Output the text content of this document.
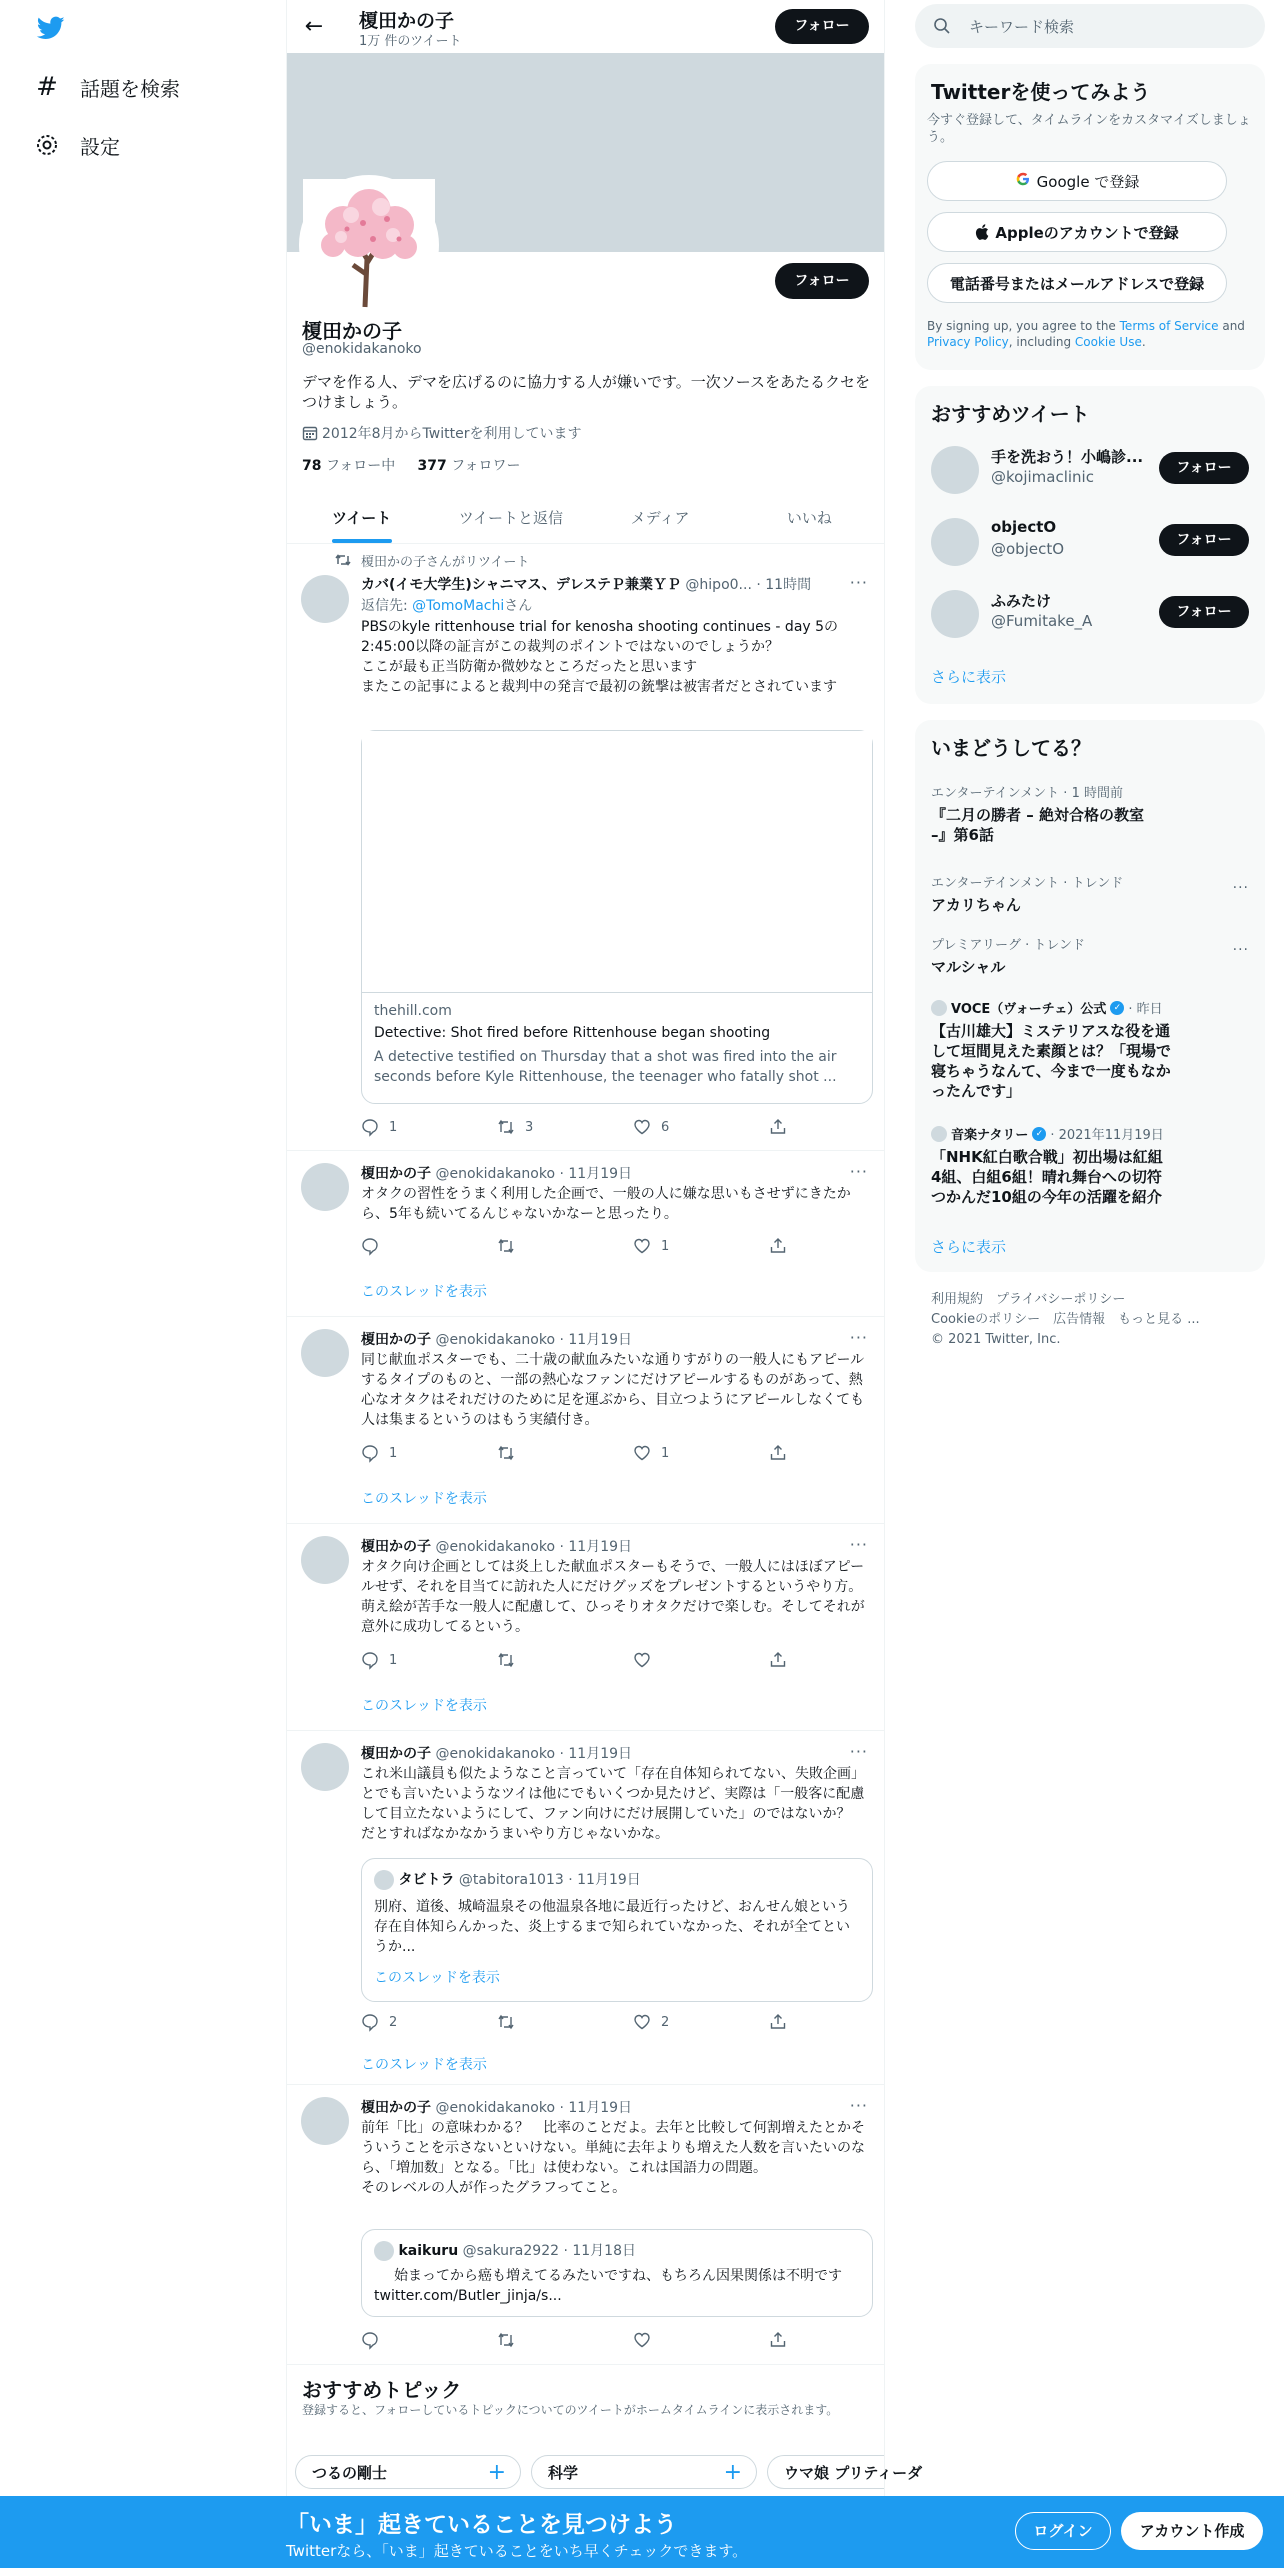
# 話題を検索
設定
← 榎田かの子
1万 件のツイート
フォロー
フォロー
榎田かの子
@enokidakanoko
デマを作る人、デマを広げるのに協力する人が嫌いです。一次ソースをあたるクセをつけましょう。
2012年8月からTwitterを利用しています
78 フォロー中 377 フォロワー
ツイート	ツイートと返信	メディア	いいね
榎田かの子さんがリツイート
カバ(イモ大学生)シャニマス、デレステＰ兼業ＹＰ @hipo0... · 11時間 ···
返信先: @TomoMachiさん
PBSのkyle rittenhouse trial for kenosha shooting continues - day 5の2:45:00以降の証言がこの裁判のポイントではないのでしょうか？
ここが最も正当防衛か微妙なところだったと思います
またこの記事によると裁判中の発言で最初の銃撃は被害者だとされています
thehill.com
Detective: Shot fired before Rittenhouse began shooting
A detective testified on Thursday that a shot was fired into the air seconds before Kyle Rittenhouse, the teenager who fatally shot ...
1	3	6
榎田かの子 @enokidakanoko · 11月19日	···
オタクの習性をうまく利用した企画で、一般の人に嫌な思いもさせずにきたから、5年も続いてるんじゃないかなーと思ったり。
1
このスレッドを表示
榎田かの子 @enokidakanoko · 11月19日	···
同じ献血ポスターでも、二十歳の献血みたいな通りすがりの一般人にもアピールするタイプのものと、一部の熱心なファンにだけアピールするものがあって、熱心なオタクはそれだけのために足を運ぶから、目立つようにアピールしなくても人は集まるというのはもう実績付き。
1	1
このスレッドを表示
榎田かの子 @enokidakanoko · 11月19日	···
オタク向け企画としては炎上した献血ポスターもそうで、一般人にはほぼアピールせず、それを目当てに訪れた人にだけグッズをプレゼントするというやり方。萌え絵が苦手な一般人に配慮して、ひっそりオタクだけで楽しむ。そしてそれが意外に成功してるという。
1
このスレッドを表示
榎田かの子 @enokidakanoko · 11月19日	···
これ米山議員も似たようなこと言っていて「存在自体知られてない、失敗企画」とでも言いたいようなツイは他にでもいくつか見たけど、実際は「一般客に配慮して目立たないようにして、ファン向けにだけ展開していた」のではないか？　だとすればなかなかうまいやり方じゃないかな。
タビトラ @tabitora1013 · 11月19日
別府、道後、城崎温泉その他温泉各地に最近行ったけど、おんせん娘という存在自体知らんかった、炎上するまで知られていなかった、それが全てというか...
このスレッドを表示
2	2
このスレッドを表示
榎田かの子 @enokidakanoko · 11月19日	···
前年「比」の意味わかる？　比率のことだよ。去年と比較して何割増えたとかそういうことを示さないといけない。単純に去年よりも増えた人数を言いたいのなら、「増加数」となる。「比」は使わない。これは国語力の問題。
そのレベルの人が作ったグラフってこと。
kaikuru @sakura2922 · 11月18日
始まってから癌も増えてるみたいですね、もちろん因果関係は不明です　 twitter.com/Butler_jinja/s...
おすすめトピック
登録すると、フォローしているトピックについてのツイートがホームタイムラインに表示されます。
つるの剛士	+	科学	+	ウマ娘 プリティーダ
キーワード検索
Twitterを使ってみよう
今すぐ登録して、タイムラインをカスタマイズしましょう。
Google で登録
Appleのアカウントで登録
電話番号またはメールアドレスで登録
By signing up, you agree to the Terms of Service and Privacy Policy, including Cookie Use.
おすすめツイート
手を洗おう！小嶋診...
@kojimaclinic	フォロー
objectO
@objectO	フォロー
ふみたけ
@Fumitake_A	フォロー
さらに表示
いまどうしてる？
エンターテインメント · 1 時間前
『二月の勝者 – 絶対合格の教室 –』第6話
エンターテインメント · トレンド
アカリちゃん
···
プレミアリーグ · トレンド
マルシャル
···
VOCE（ヴォーチェ）公式 ✓ · 昨日
【古川雄大】ミステリアスな役を通して垣間見えた素顔とは？「現場で寝ちゃうなんて、今まで一度もなかったんです」
音楽ナタリー ✓ · 2021年11月19日
「NHK紅白歌合戦」初出場は紅組4組、白組6組！晴れ舞台への切符つかんだ10組の今年の活躍を紹介
さらに表示
利用規約　プライバシーポリシー
Cookieのポリシー　広告情報　もっと見る ...
© 2021 Twitter, Inc.
「いま」起きていることを見つけよう
Twitterなら、「いま」起きていることをいち早くチェックできます。
ログイン	アカウント作成
